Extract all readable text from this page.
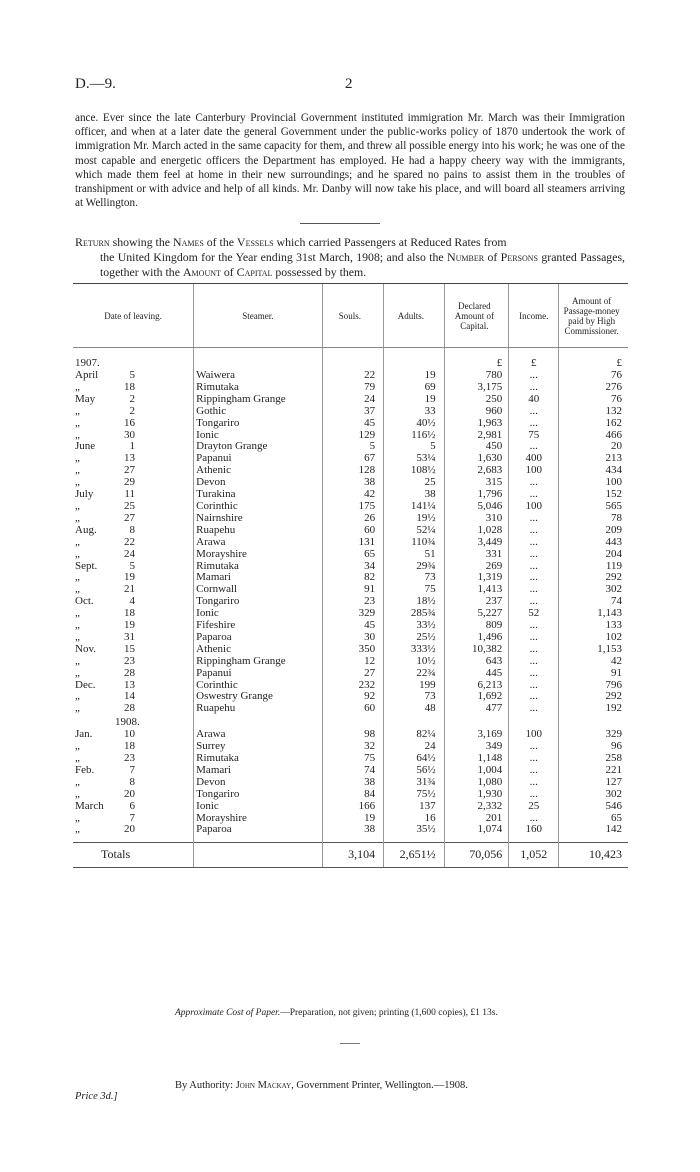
D.—9.	2

ance. Ever since the late Canterbury Provincial Government instituted immigration Mr. March was their Immigration officer, and when at a later date the general Government under the public-works policy of 1870 undertook the work of immigration Mr. March acted in the same capacity for them, and threw all possible energy into his work; he was one of the most capable and energetic officers the Department has employed. He had a happy cheery way with the immigrants, which made them feel at home in their new surroundings; and he spared no pains to assist them in the troubles of transhipment or with advice and help of all kinds. Mr. Danby will now take his place, and will board all steamers arriving at Wellington.

Return showing the Names of the Vessels which carried Passengers at Reduced Rates from
the United Kingdom for the Year ending 31st March, 1908; and also the Number of Persons granted Passages, together with the Amount of Capital possessed by them.

Date of leaving.	Steamer.	Souls.	Adults.	Declared Amount of Capital.	Income.	Amount of Passage-money paid by High Commissioner.
1907.				£	£	£
April 5	Waiwera	22	19	780	...	76
„ 18	Rimutaka	79	69	3,175	...	276
May 2	Rippingham Grange	24	19	250	40	76
„ 2	Gothic	37	33	960	...	132
„ 16	Tongariro	45	40½	1,963	...	162
„ 30	Ionic	129	116½	2,981	75	466
June 1	Drayton Grange	5	5	450	...	20
„ 13	Papanui	67	53¼	1,630	400	213
„ 27	Athenic	128	108½	2,683	100	434
„ 29	Devon	38	25	315	...	100
July 11	Turakina	42	38	1,796	...	152
„ 25	Corinthic	175	141¼	5,046	100	565
„ 27	Nairnshire	26	19½	310	...	78
Aug. 8	Ruapehu	60	52¼	1,028	...	209
„ 22	Arawa	131	110¾	3,449	...	443
„ 24	Morayshire	65	51	331	...	204
Sept. 5	Rimutaka	34	29¾	269	...	119
„ 19	Mamari	82	73	1,319	...	292
„ 21	Cornwall	91	75	1,413	...	302
Oct. 4	Tongariro	23	18½	237	...	74
„ 18	Ionic	329	285¾	5,227	52	1,143
„ 19	Fifeshire	45	33½	809	...	133
„ 31	Paparoa	30	25½	1,496	...	102
Nov. 15	Athenic	350	333½	10,382	...	1,153
„ 23	Rippingham Grange	12	10½	643	...	42
„ 28	Papanui	27	22¾	445	...	91
Dec. 13	Corinthic	232	199	6,213	...	796
„ 14	Oswestry Grange	92	73	1,692	...	292
„ 28	Ruapehu	60	48	477	...	192
1908.						
Jan. 10	Arawa	98	82¼	3,169	100	329
„ 18	Surrey	32	24	349	...	96
„ 23	Rimutaka	75	64½	1,148	...	258
Feb. 7	Mamari	74	56½	1,004	...	221
„ 8	Devon	38	31¾	1,080	...	127
„ 20	Tongariro	84	75½	1,930	...	302
March 6	Ionic	166	137	2,332	25	546
„ 7	Morayshire	19	16	201	...	65
„ 20	Paparoa	38	35½	1,074	160	142

Totals		3,104	2,651½	70,056	1,052	10,423
Approximate Cost of Paper.—Preparation, not given; printing (1,600 copies), £1 13s.
By Authority: John Mackay, Government Printer, Wellington.—1908.
Price 3d.]
